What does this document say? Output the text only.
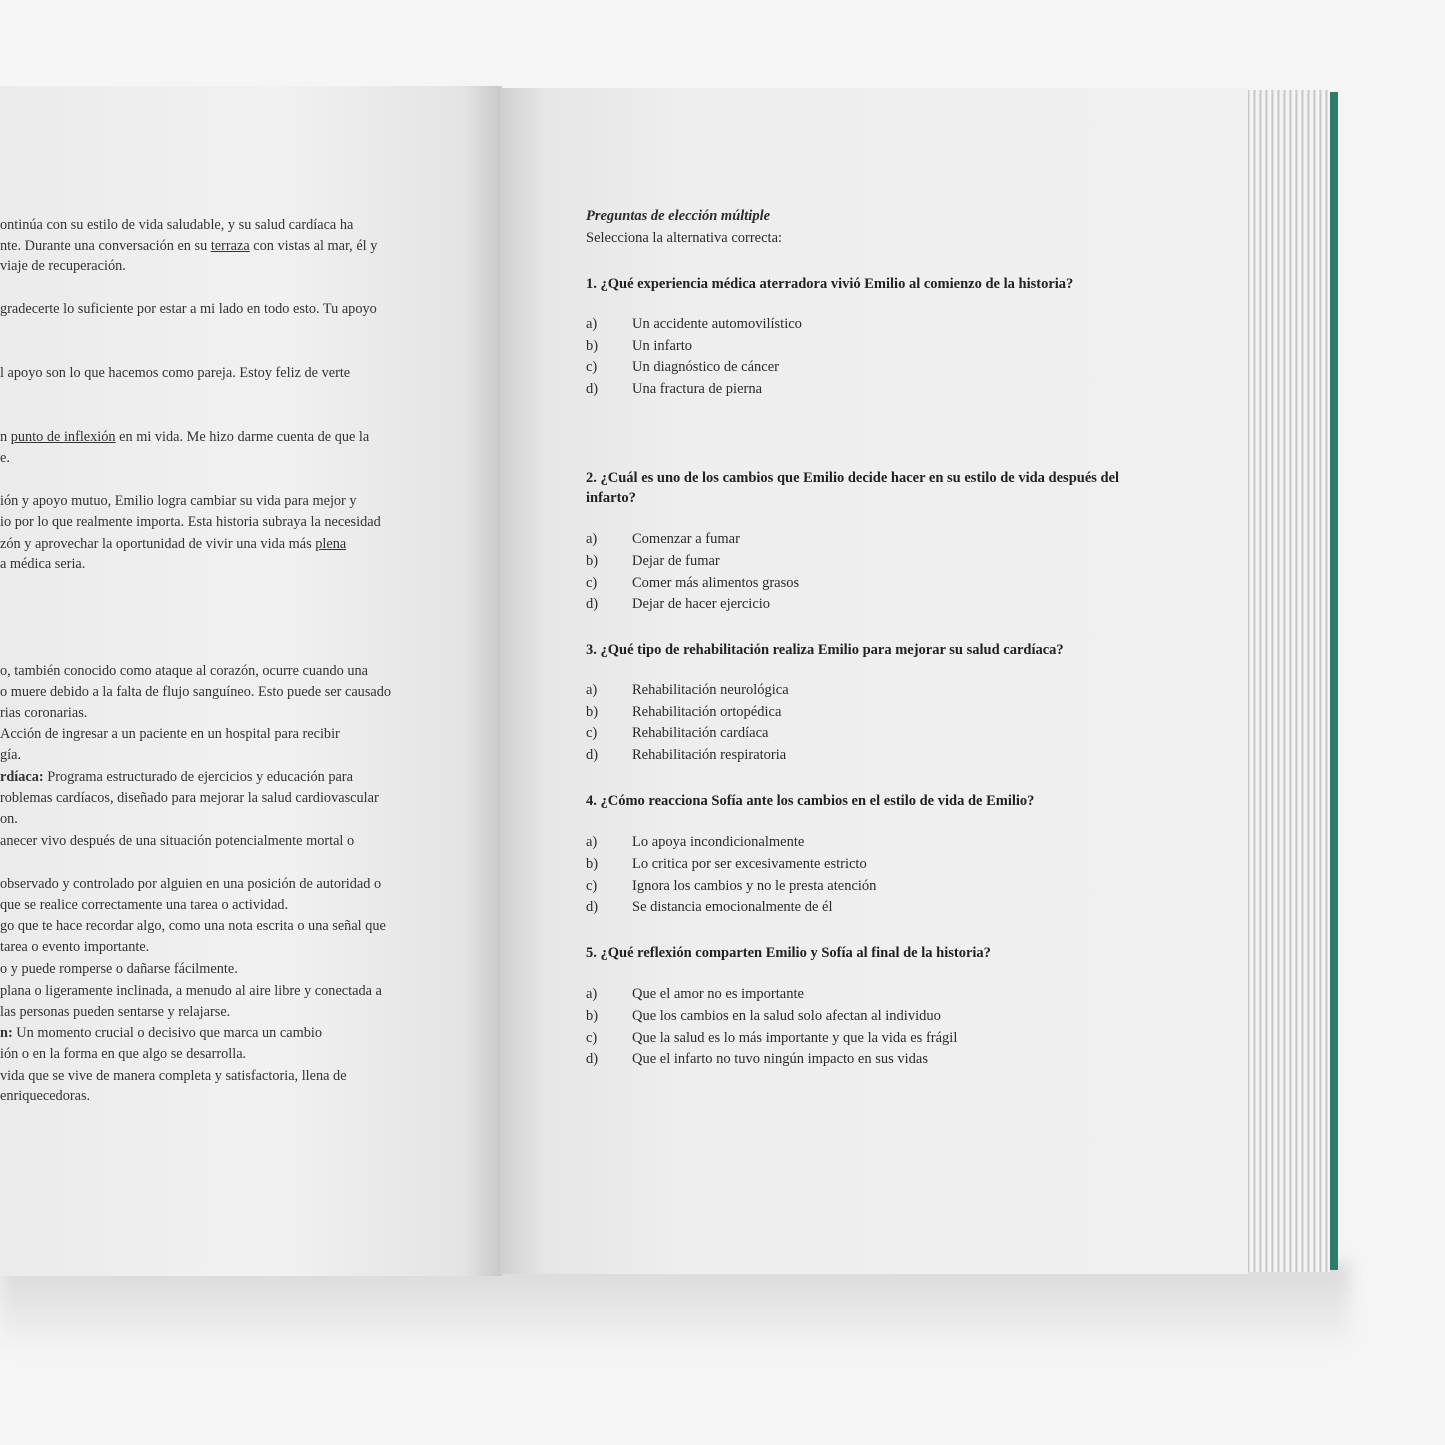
ontinúa con su estilo de vida saludable, y su salud cardíaca ha
nte. Durante una conversación en su terraza con vistas al mar, él y
viaje de recuperación.
gradecerte lo suficiente por estar a mi lado en todo esto. Tu apoyo
l apoyo son lo que hacemos como pareja. Estoy feliz de verte
n punto de inflexión en mi vida. Me hizo darme cuenta de que la
e.
ión y apoyo mutuo, Emilio logra cambiar su vida para mejor y
io por lo que realmente importa. Esta historia subraya la necesidad
zón y aprovechar la oportunidad de vivir una vida más plena
a médica seria.
o, también conocido como ataque al corazón, ocurre cuando una
o muere debido a la falta de flujo sanguíneo. Esto puede ser causado
rias coronarias.
Acción de ingresar a un paciente en un hospital para recibir
gía.
rdíaca: Programa estructurado de ejercicios y educación para
roblemas cardíacos, diseñado para mejorar la salud cardiovascular
on.
anecer vivo después de una situación potencialmente mortal o
observado y controlado por alguien en una posición de autoridad o
que se realice correctamente una tarea o actividad.
go que te hace recordar algo, como una nota escrita o una señal que
tarea o evento importante.
o y puede romperse o dañarse fácilmente.
plana o ligeramente inclinada, a menudo al aire libre y conectada a
las personas pueden sentarse y relajarse.
n: Un momento crucial o decisivo que marca un cambio
ión o en la forma en que algo se desarrolla.
vida que se vive de manera completa y satisfactoria, llena de
enriquecedoras.
Preguntas de elección múltiple
Selecciona la alternativa correcta:
1. ¿Qué experiencia médica aterradora vivió Emilio al comienzo de la historia?
a)	Un accidente automovilístico
b)	Un infarto
c)	Un diagnóstico de cáncer
d)	Una fractura de pierna
2. ¿Cuál es uno de los cambios que Emilio decide hacer en su estilo de vida después del infarto?
a)	Comenzar a fumar
b)	Dejar de fumar
c)	Comer más alimentos grasos
d)	Dejar de hacer ejercicio
3. ¿Qué tipo de rehabilitación realiza Emilio para mejorar su salud cardíaca?
a)	Rehabilitación neurológica
b)	Rehabilitación ortopédica
c)	Rehabilitación cardíaca
d)	Rehabilitación respiratoria
4. ¿Cómo reacciona Sofía ante los cambios en el estilo de vida de Emilio?
a)	Lo apoya incondicionalmente
b)	Lo critica por ser excesivamente estricto
c)	Ignora los cambios y no le presta atención
d)	Se distancia emocionalmente de él
5. ¿Qué reflexión comparten Emilio y Sofía al final de la historia?
a)	Que el amor no es importante
b)	Que los cambios en la salud solo afectan al individuo
c)	Que la salud es lo más importante y que la vida es frágil
d)	Que el infarto no tuvo ningún impacto en sus vidas
